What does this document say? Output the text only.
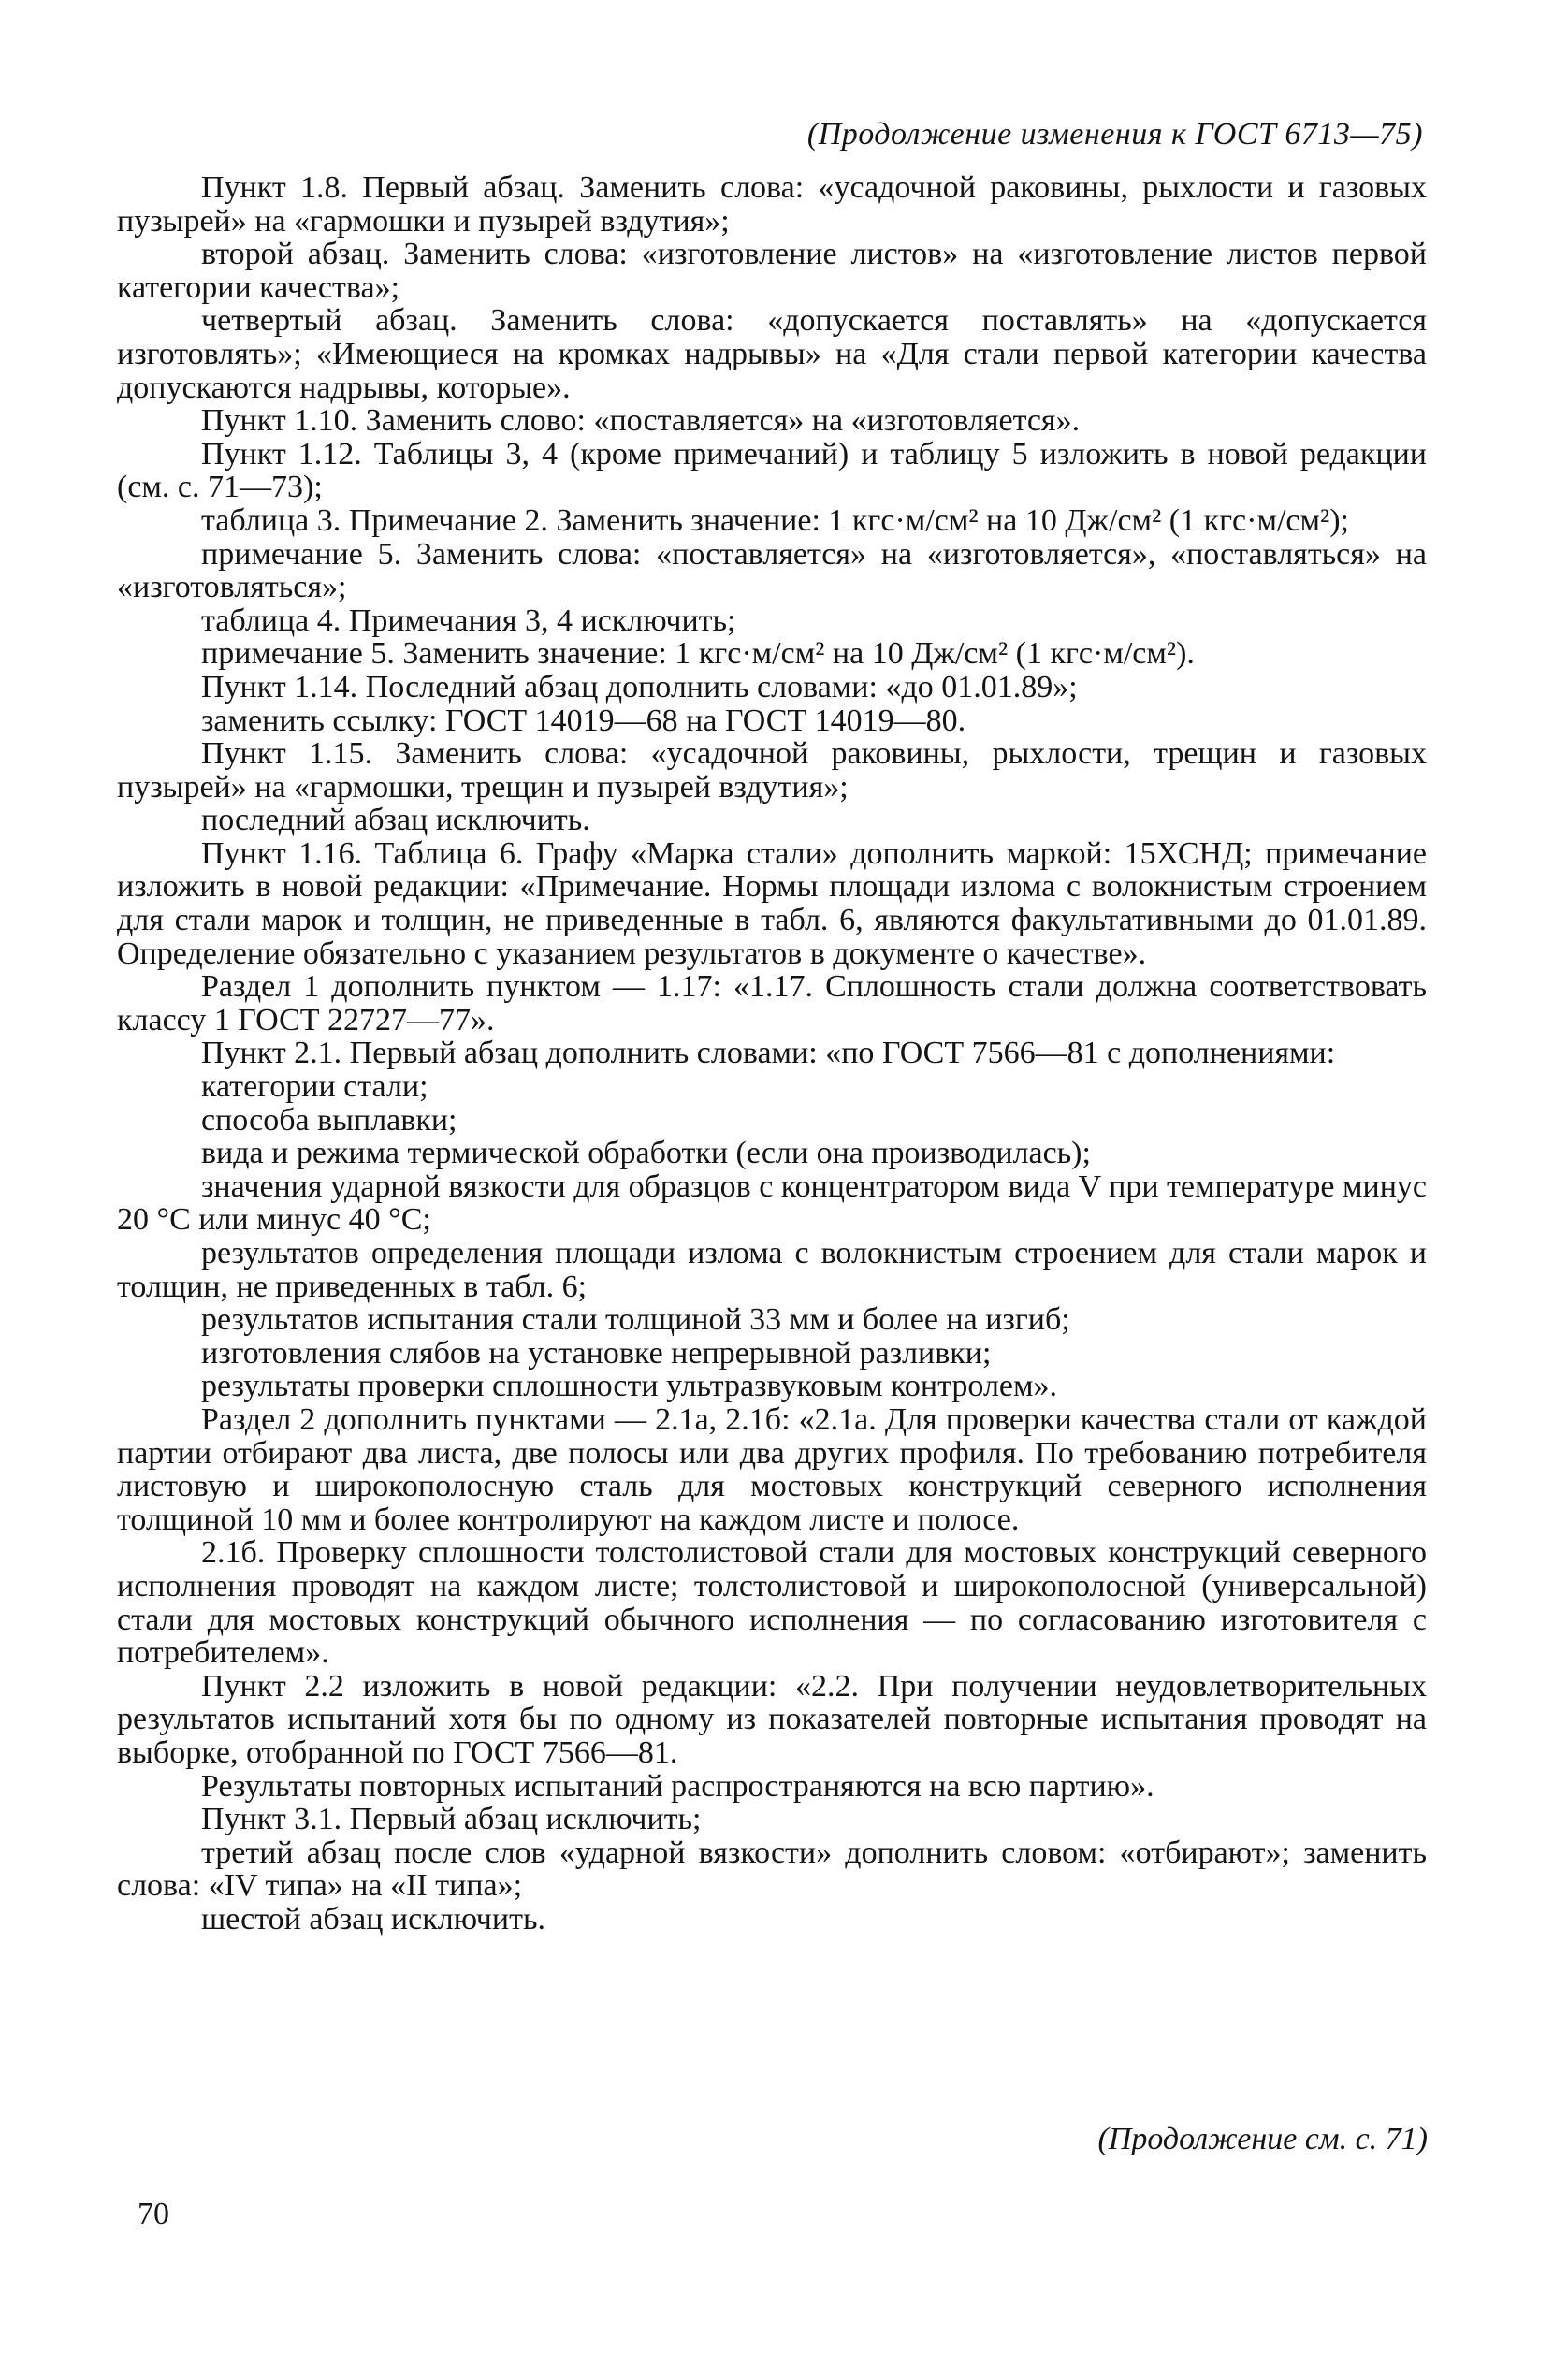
(Продолжение изменения к ГОСТ 6713—75)

Пункт 1.8. Первый абзац. Заменить слова: «усадочной раковины, рыхлости и газовых пузырей» на «гармошки и пузырей вздутия»;

второй абзац. Заменить слова: «изготовление листов» на «изготовление листов первой категории качества»;

четвертый абзац. Заменить слова: «допускается поставлять» на «допускается изготовлять»; «Имеющиеся на кромках надрывы» на «Для стали первой категории качества допускаются надрывы, которые».

Пункт 1.10. Заменить слово: «поставляется» на «изготовляется».

Пункт 1.12. Таблицы 3, 4 (кроме примечаний) и таблицу 5 изложить в новой редакции (см. с. 71—73);

таблица 3. Примечание 2. Заменить значение: 1 кгс·м/см² на 10 Дж/см² (1 кгс·м/см²);

примечание 5. Заменить слова: «поставляется» на «изготовляется», «поставляться» на «изготовляться»;

таблица 4. Примечания 3, 4 исключить;

примечание 5. Заменить значение: 1 кгс·м/см² на 10 Дж/см² (1 кгс·м/см²).

Пункт 1.14. Последний абзац дополнить словами: «до 01.01.89»;

заменить ссылку: ГОСТ 14019—68 на ГОСТ 14019—80.

Пункт 1.15. Заменить слова: «усадочной раковины, рыхлости, трещин и газовых пузырей» на «гармошки, трещин и пузырей вздутия»;

последний абзац исключить.

Пункт 1.16. Таблица 6. Графу «Марка стали» дополнить маркой: 15ХСНД; примечание изложить в новой редакции: «Примечание. Нормы площади излома с волокнистым строением для стали марок и толщин, не приведенные в табл. 6, являются факультативными до 01.01.89. Определение обязательно с указанием результатов в документе о качестве».

Раздел 1 дополнить пунктом — 1.17: «1.17. Сплошность стали должна соответствовать классу 1 ГОСТ 22727—77».

Пункт 2.1. Первый абзац дополнить словами: «по ГОСТ 7566—81 с дополнениями:

категории стали;

способа выплавки;

вида и режима термической обработки (если она производилась);

значения ударной вязкости для образцов с концентратором вида V при температуре минус 20 °С или минус 40 °С;

результатов определения площади излома с волокнистым строением для стали марок и толщин, не приведенных в табл. 6;

результатов испытания стали толщиной 33 мм и более на изгиб;

изготовления слябов на установке непрерывной разливки;

результаты проверки сплошности ультразвуковым контролем».

Раздел 2 дополнить пунктами — 2.1а, 2.1б: «2.1а. Для проверки качества стали от каждой партии отбирают два листа, две полосы или два других профиля. По требованию потребителя листовую и широкополосную сталь для мостовых конструкций северного исполнения толщиной 10 мм и более контролируют на каждом листе и полосе.

2.1б. Проверку сплошности толстолистовой стали для мостовых конструкций северного исполнения проводят на каждом листе; толстолистовой и широкополосной (универсальной) стали для мостовых конструкций обычного исполнения — по согласованию изготовителя с потребителем».

Пункт 2.2 изложить в новой редакции: «2.2. При получении неудовлетворительных результатов испытаний хотя бы по одному из показателей повторные испытания проводят на выборке, отобранной по ГОСТ 7566—81.

Результаты повторных испытаний распространяются на всю партию».

Пункт 3.1. Первый абзац исключить;

третий абзац после слов «ударной вязкости» дополнить словом: «отбирают»; заменить слова: «IV типа» на «II типа»;

шестой абзац исключить.

(Продолжение см. с. 71)
70
